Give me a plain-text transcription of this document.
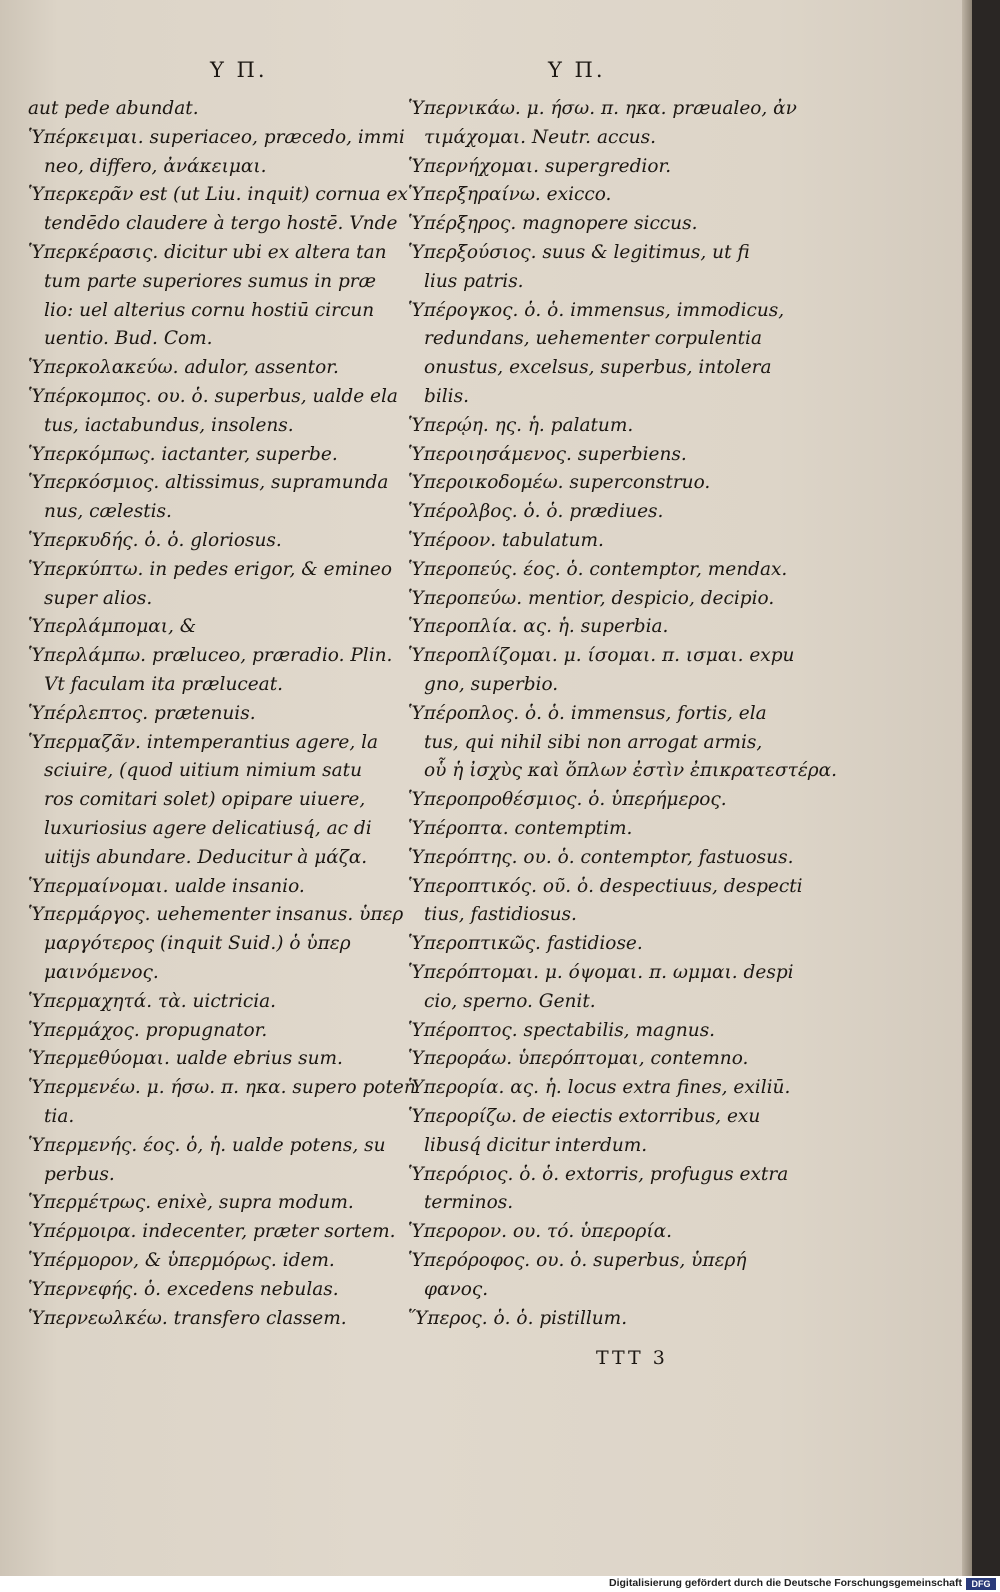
Υ Π.	Υ Π.
aut pede abundat.
Ὑπέρκειμαι. superiaceo, præcedo, immi
neo, differo, ἀνάκειμαι.
Ὑπερκερᾶν est (ut Liu. inquit) cornua ex
tendēdo claudere à tergo hostē. Vnde
Ὑπερκέρασις. dicitur ubi ex altera tan
tum parte superiores sumus in præ
lio: uel alterius cornu hostiū circun
uentio. Bud. Com.
Ὑπερκολακεύω. adulor, assentor.
Ὑπέρκομπος. ου. ὁ. superbus, ualde ela
tus, iactabundus, insolens.
Ὑπερκόμπως. iactanter, superbe.
Ὑπερκόσμιος. altissimus, supramunda
nus, cælestis.
Ὑπερκυδής. ὁ. ὁ. gloriosus.
Ὑπερκύπτω. in pedes erigor, & emineo
super alios.
Ὑπερλάμπομαι, &
Ὑπερλάμπω. præluceo, præradio. Plin.
Vt faculam ita præluceat.
Ὑπέρλεπτος. prætenuis.
Ὑπερμαζᾶν. intemperantius agere, la
sciuire, (quod uitium nimium satu
ros comitari solet) opipare uiuere,
luxuriosius agere delicatiusq́, ac di
uitijs abundare. Deducitur à μάζα.
Ὑπερμαίνομαι. ualde insanio.
Ὑπερμάργος. uehementer insanus. ὑπερ
μαργότερος (inquit Suid.) ὁ ὑπερ
μαινόμενος.
Ὑπερμαχητά. τὰ. uictricia.
Ὑπερμάχος. propugnator.
Ὑπερμεθύομαι. ualde ebrius sum.
Ὑπερμενέω. μ. ήσω. π. ηκα. supero poten
tia.
Ὑπερμενής. έος. ὁ, ἡ. ualde potens, su
perbus.
Ὑπερμέτρως. enixè, supra modum.
Ὑπέρμοιρα. indecenter, præter sortem.
Ὑπέρμορον, & ὑπερμόρως. idem.
Ὑπερνεφής. ὁ. excedens nebulas.
Ὑπερνεωλκέω. transfero classem.
Ὑπερνικάω. μ. ήσω. π. ηκα. præualeo, ἀν
τιμάχομαι. Neutr. accus.
Ὑπερνήχομαι. supergredior.
Ὑπερξηραίνω. exicco.
Ὑπέρξηρος. magnopere siccus.
Ὑπερξούσιος. suus & legitimus, ut fi
lius patris.
Ὑπέρογκος. ὁ. ὁ. immensus, immodicus,
redundans, uehementer corpulentia
onustus, excelsus, superbus, intolera
bilis.
Ὑπερῴη. ης. ἡ. palatum.
Ὑπεροιησάμενος. superbiens.
Ὑπεροικοδομέω. superconstruo.
Ὑπέρολβος. ὁ. ὁ. prædiues.
Ὑπέροον. tabulatum.
Ὑπεροπεύς. έος. ὁ. contemptor, mendax.
Ὑπεροπεύω. mentior, despicio, decipio.
Ὑπεροπλία. ας. ἡ. superbia.
Ὑπεροπλίζομαι. μ. ίσομαι. π. ισμαι. expu
gno, superbio.
Ὑπέροπλος. ὁ. ὁ. immensus, fortis, ela
tus, qui nihil sibi non arrogat armis,
οὗ ἡ ἰσχὺς καὶ ὅπλων ἐστὶν ἐπικρατεστέρα.
Ὑπεροπροθέσμιος. ὁ. ὑπερήμερος.
Ὑπέροπτα. contemptim.
Ὑπερόπτης. ου. ὁ. contemptor, fastuosus.
Ὑπεροπτικός. οῦ. ὁ. despectiuus, despecti
tius, fastidiosus.
Ὑπεροπτικῶς. fastidiose.
Ὑπερόπτομαι. μ. όψομαι. π. ωμμαι. despi
cio, sperno. Genit.
Ὑπέροπτος. spectabilis, magnus.
Ὑπεροράω. ὑπερόπτομαι, contemno.
Ὑπερορία. ας. ἡ. locus extra fines, exiliū.
Ὑπερορίζω. de eiectis extorribus, exu
libusq́ dicitur interdum.
Ὑπερόριος. ὁ. ὁ. extorris, profugus extra
terminos.
Ὑπερορον. ου. τό. ὑπερορία.
Ὑπερόροφος. ου. ὁ. superbus, ὑπερή
φανος.
Ὕπερος. ὁ. ὁ. pistillum.
TTT 3
Digitalisierung gefördert durch die Deutsche Forschungsgemeinschaft	DFG
